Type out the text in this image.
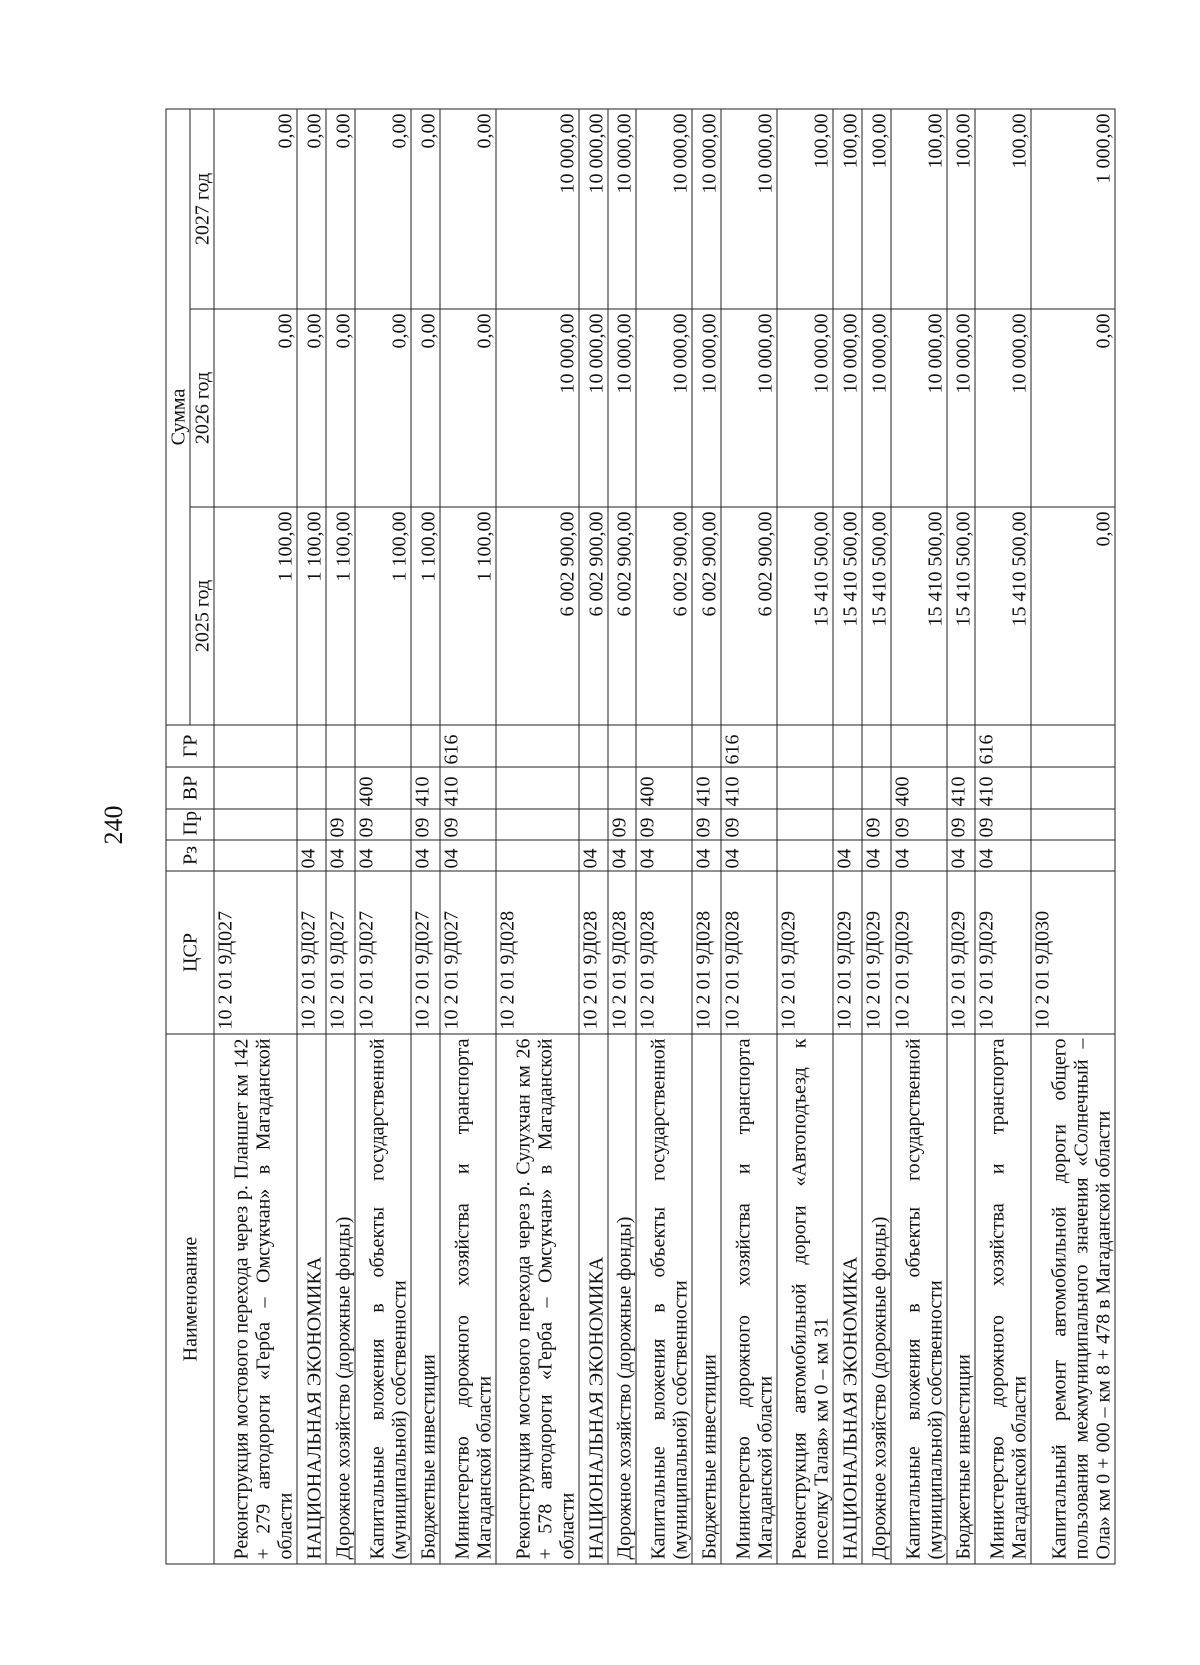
240
Наименование	ЦСР	Рз	Пр	ВР	ГР	Сумма		
						2025 год	2026 год	2027 год
Реконструкция мостового перехода через р. Планшет км 142 + 279 автодороги «Герба – Омсукчан» в Магаданской области	10 2 01 9Д027					1 100,00	0,00	0,00
НАЦИОНАЛЬНАЯ ЭКОНОМИКА	10 2 01 9Д027	04				1 100,00	0,00	0,00
Дорожное хозяйство (дорожные фонды)	10 2 01 9Д027	04	09			1 100,00	0,00	0,00
Капитальные вложения в объекты государственной (муниципальной) собственности	10 2 01 9Д027	04	09	400		1 100,00	0,00	0,00
Бюджетные инвестиции	10 2 01 9Д027	04	09	410		1 100,00	0,00	0,00
Министерство дорожного хозяйства и транспорта Магаданской области	10 2 01 9Д027	04	09	410	616	1 100,00	0,00	0,00
Реконструкция мостового перехода через р. Сулухчан км 26 + 578 автодороги «Герба – Омсукчан» в Магаданской области	10 2 01 9Д028					6 002 900,00	10 000,00	10 000,00
НАЦИОНАЛЬНАЯ ЭКОНОМИКА	10 2 01 9Д028	04				6 002 900,00	10 000,00	10 000,00
Дорожное хозяйство (дорожные фонды)	10 2 01 9Д028	04	09			6 002 900,00	10 000,00	10 000,00
Капитальные вложения в объекты государственной (муниципальной) собственности	10 2 01 9Д028	04	09	400		6 002 900,00	10 000,00	10 000,00
Бюджетные инвестиции	10 2 01 9Д028	04	09	410		6 002 900,00	10 000,00	10 000,00
Министерство дорожного хозяйства и транспорта Магаданской области	10 2 01 9Д028	04	09	410	616	6 002 900,00	10 000,00	10 000,00
Реконструкция автомобильной дороги «Автоподъезд к поселку Талая» км 0 – км 31	10 2 01 9Д029					15 410 500,00	10 000,00	100,00
НАЦИОНАЛЬНАЯ ЭКОНОМИКА	10 2 01 9Д029	04				15 410 500,00	10 000,00	100,00
Дорожное хозяйство (дорожные фонды)	10 2 01 9Д029	04	09			15 410 500,00	10 000,00	100,00
Капитальные вложения в объекты государственной (муниципальной) собственности	10 2 01 9Д029	04	09	400		15 410 500,00	10 000,00	100,00
Бюджетные инвестиции	10 2 01 9Д029	04	09	410		15 410 500,00	10 000,00	100,00
Министерство дорожного хозяйства и транспорта Магаданской области	10 2 01 9Д029	04	09	410	616	15 410 500,00	10 000,00	100,00
Капитальный ремонт автомобильной дороги общего пользования межмуниципального значения «Солнечный – Ола» км 0 + 000 – км 8 + 478 в Магаданской области	10 2 01 9Д030					0,00	0,00	1 000,00
